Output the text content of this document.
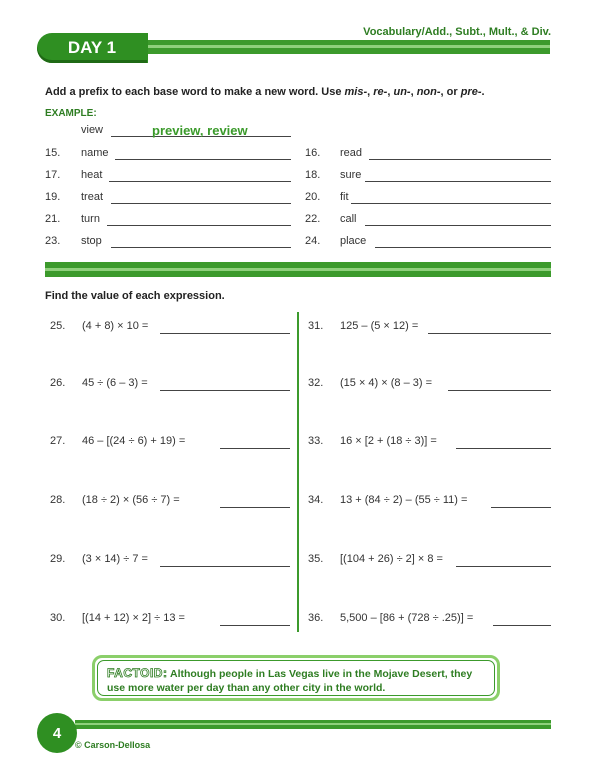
Vocabulary/Add., Subt., Mult., & Div.
DAY 1
Add a prefix to each base word to make a new word. Use mis-, re-, un-, non-, or pre-.
EXAMPLE:
view	preview, review
15. name	16. read
17. heat	18. sure
19. treat	20. fit
21. turn	22. call
23. stop	24. place
Find the value of each expression.
25. (4 + 8) × 10 =
26. 45 ÷ (6 – 3) =
27. 46 – [(24 ÷ 6) + 19) =
28. (18 ÷ 2) × (56 ÷ 7) =
29. (3 × 14) ÷ 7 =
30. [(14 + 12) × 2] ÷ 13 =
31. 125 – (5 × 12) =
32. (15 × 4) × (8 – 3) =
33. 16 × [2 + (18 ÷ 3)] =
34. 13 + (84 ÷ 2) – (55 ÷ 11) =
35. [(104 + 26) ÷ 2] × 8 =
36. 5,500 – [86 + (728 ÷ .25)] =
FACTOID: Although people in Las Vegas live in the Mojave Desert, they use more water per day than any other city in the world.
4
© Carson-Dellosa
